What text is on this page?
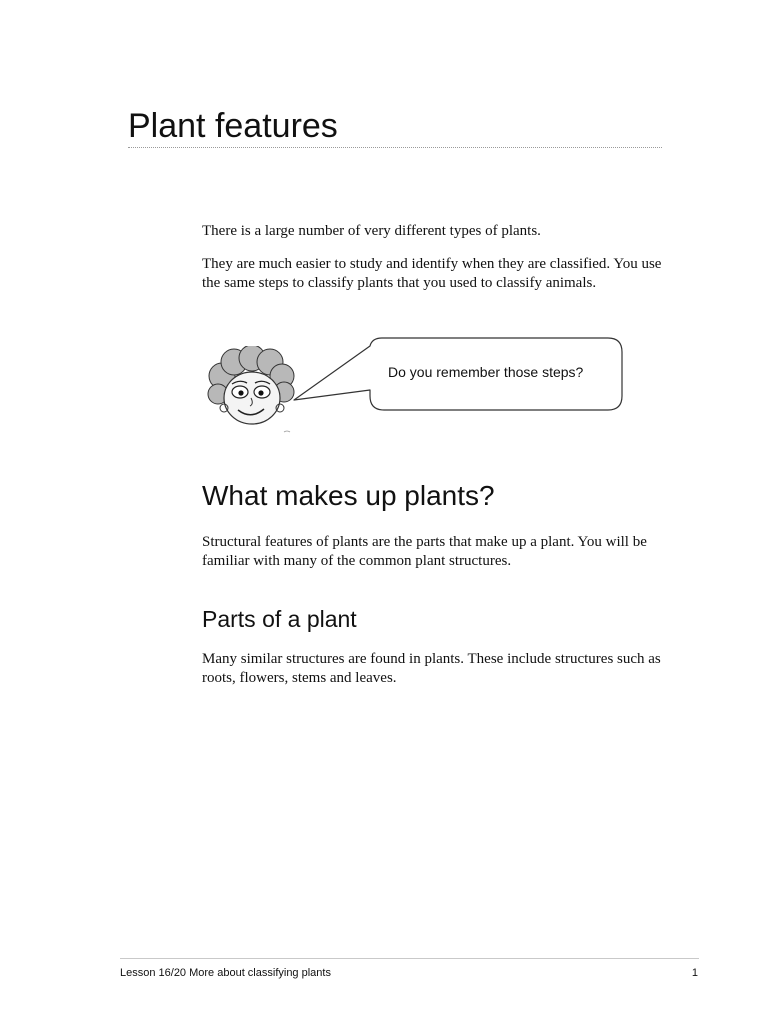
Plant features

There is a large number of very different types of plants.

They are much easier to study and identify when they are classified. You use the same steps to classify plants that you used to classify animals.

Do you remember those steps?
What makes up plants?

Structural features of plants are the parts that make up a plant. You will be familiar with many of the common plant structures.

Parts of a plant

Many similar structures are found in plants. These include structures such as roots, flowers, stems and leaves.

Lesson 16/20 More about classifying plants	1
